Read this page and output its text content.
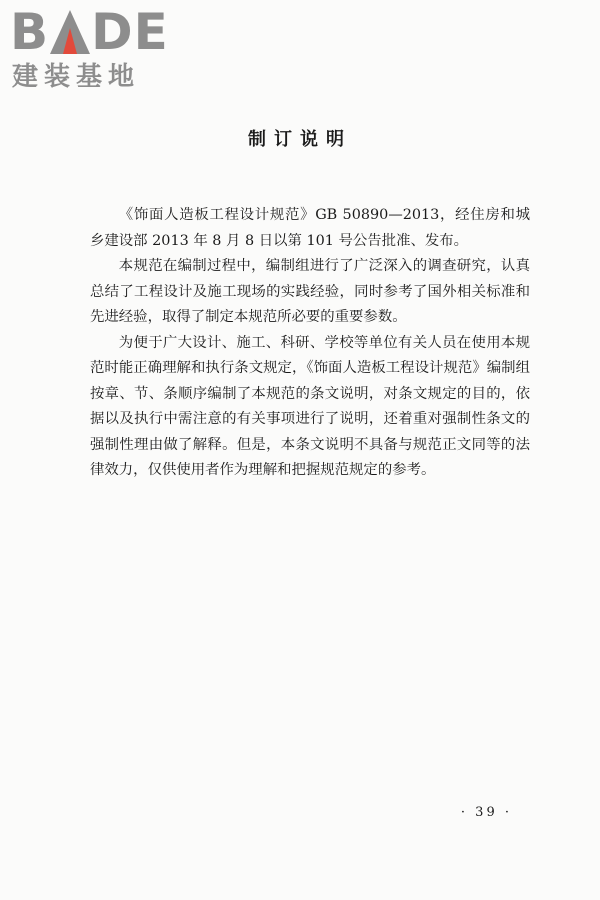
B DE
建装基地
制订说明

《饰面人造板工程设计规范》GB 50890—2013，经住房和城乡建设部 2013 年 8 月 8 日以第 101 号公告批准、发布。

本规范在编制过程中，编制组进行了广泛深入的调查研究，认真总结了工程设计及施工现场的实践经验，同时参考了国外相关标准和先进经验，取得了制定本规范所必要的重要参数。

为便于广大设计、施工、科研、学校等单位有关人员在使用本规范时能正确理解和执行条文规定，《饰面人造板工程设计规范》编制组按章、节、条顺序编制了本规范的条文说明，对条文规定的目的，依据以及执行中需注意的有关事项进行了说明，还着重对强制性条文的强制性理由做了解释。但是，本条文说明不具备与规范正文同等的法律效力，仅供使用者作为理解和把握规范规定的参考。

· 39 ·
